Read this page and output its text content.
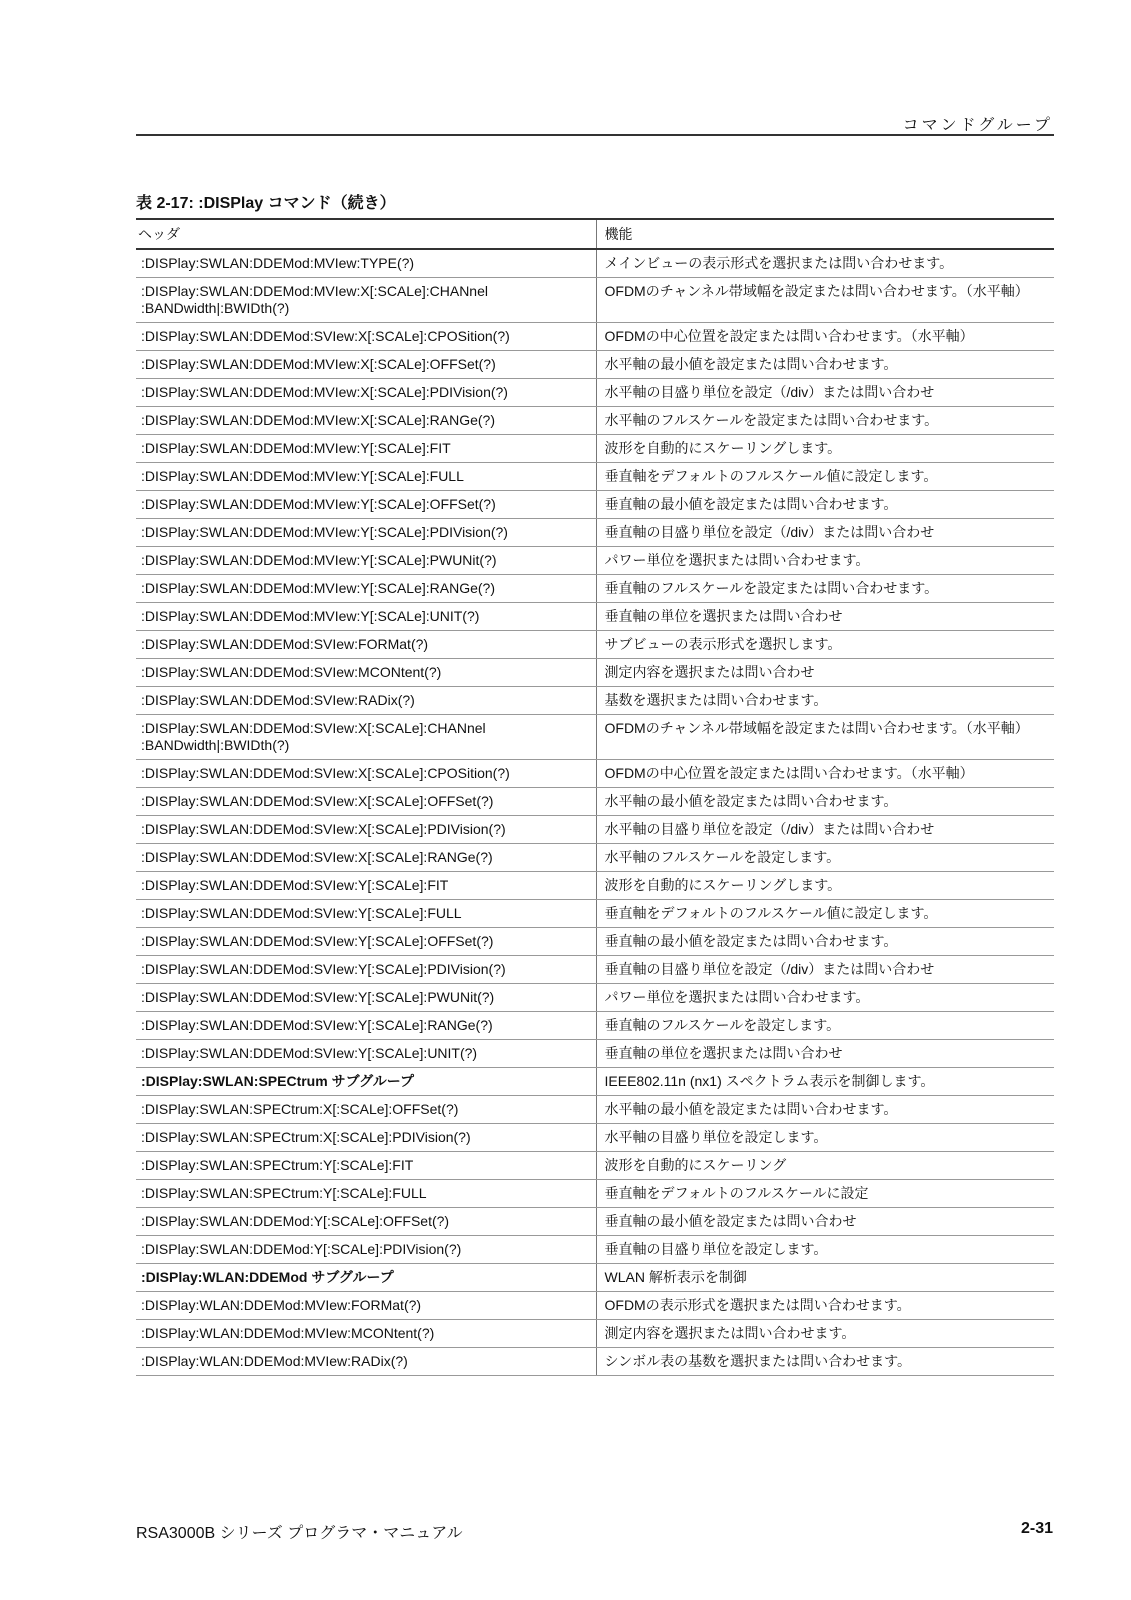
コマンドグループ
表 2-17: :DISPlay コマンド（続き）
ヘッダ	機能
:DISPlay:SWLAN:DDEMod:MVIew:TYPE(?)	メインビューの表示形式を選択または問い合わせます。
:DISPlay:SWLAN:DDEMod:MVIew:X[:SCALe]:CHANnel
:BANDwidth|:BWIDth(?)	OFDMのチャンネル帯域幅を設定または問い合わせます。（水平軸）
:DISPlay:SWLAN:DDEMod:SVIew:X[:SCALe]:CPOSition(?)	OFDMの中心位置を設定または問い合わせます。（水平軸）
:DISPlay:SWLAN:DDEMod:MVIew:X[:SCALe]:OFFSet(?)	水平軸の最小値を設定または問い合わせます。
:DISPlay:SWLAN:DDEMod:MVIew:X[:SCALe]:PDIVision(?)	水平軸の目盛り単位を設定（/div）または問い合わせ
:DISPlay:SWLAN:DDEMod:MVIew:X[:SCALe]:RANGe(?)	水平軸のフルスケールを設定または問い合わせます。
:DISPlay:SWLAN:DDEMod:MVIew:Y[:SCALe]:FIT	波形を自動的にスケーリングします。
:DISPlay:SWLAN:DDEMod:MVIew:Y[:SCALe]:FULL	垂直軸をデフォルトのフルスケール値に設定します。
:DISPlay:SWLAN:DDEMod:MVIew:Y[:SCALe]:OFFSet(?)	垂直軸の最小値を設定または問い合わせます。
:DISPlay:SWLAN:DDEMod:MVIew:Y[:SCALe]:PDIVision(?)	垂直軸の目盛り単位を設定（/div）または問い合わせ
:DISPlay:SWLAN:DDEMod:MVIew:Y[:SCALe]:PWUNit(?)	パワー単位を選択または問い合わせます。
:DISPlay:SWLAN:DDEMod:MVIew:Y[:SCALe]:RANGe(?)	垂直軸のフルスケールを設定または問い合わせます。
:DISPlay:SWLAN:DDEMod:MVIew:Y[:SCALe]:UNIT(?)	垂直軸の単位を選択または問い合わせ
:DISPlay:SWLAN:DDEMod:SVIew:FORMat(?)	サブビューの表示形式を選択します。
:DISPlay:SWLAN:DDEMod:SVIew:MCONtent(?)	測定内容を選択または問い合わせ
:DISPlay:SWLAN:DDEMod:SVIew:RADix(?)	基数を選択または問い合わせます。
:DISPlay:SWLAN:DDEMod:SVIew:X[:SCALe]:CHANnel
:BANDwidth|:BWIDth(?)	OFDMのチャンネル帯域幅を設定または問い合わせます。（水平軸）
:DISPlay:SWLAN:DDEMod:SVIew:X[:SCALe]:CPOSition(?)	OFDMの中心位置を設定または問い合わせます。（水平軸）
:DISPlay:SWLAN:DDEMod:SVIew:X[:SCALe]:OFFSet(?)	水平軸の最小値を設定または問い合わせます。
:DISPlay:SWLAN:DDEMod:SVIew:X[:SCALe]:PDIVision(?)	水平軸の目盛り単位を設定（/div）または問い合わせ
:DISPlay:SWLAN:DDEMod:SVIew:X[:SCALe]:RANGe(?)	水平軸のフルスケールを設定します。
:DISPlay:SWLAN:DDEMod:SVIew:Y[:SCALe]:FIT	波形を自動的にスケーリングします。
:DISPlay:SWLAN:DDEMod:SVIew:Y[:SCALe]:FULL	垂直軸をデフォルトのフルスケール値に設定します。
:DISPlay:SWLAN:DDEMod:SVIew:Y[:SCALe]:OFFSet(?)	垂直軸の最小値を設定または問い合わせます。
:DISPlay:SWLAN:DDEMod:SVIew:Y[:SCALe]:PDIVision(?)	垂直軸の目盛り単位を設定（/div）または問い合わせ
:DISPlay:SWLAN:DDEMod:SVIew:Y[:SCALe]:PWUNit(?)	パワー単位を選択または問い合わせます。
:DISPlay:SWLAN:DDEMod:SVIew:Y[:SCALe]:RANGe(?)	垂直軸のフルスケールを設定します。
:DISPlay:SWLAN:DDEMod:SVIew:Y[:SCALe]:UNIT(?)	垂直軸の単位を選択または問い合わせ
:DISPlay:SWLAN:SPECtrum サブグループ	IEEE802.11n (nx1) スペクトラム表示を制御します。
:DISPlay:SWLAN:SPECtrum:X[:SCALe]:OFFSet(?)	水平軸の最小値を設定または問い合わせます。
:DISPlay:SWLAN:SPECtrum:X[:SCALe]:PDIVision(?)	水平軸の目盛り単位を設定します。
:DISPlay:SWLAN:SPECtrum:Y[:SCALe]:FIT	波形を自動的にスケーリング
:DISPlay:SWLAN:SPECtrum:Y[:SCALe]:FULL	垂直軸をデフォルトのフルスケールに設定
:DISPlay:SWLAN:DDEMod:Y[:SCALe]:OFFSet(?)	垂直軸の最小値を設定または問い合わせ
:DISPlay:SWLAN:DDEMod:Y[:SCALe]:PDIVision(?)	垂直軸の目盛り単位を設定します。
:DISPlay:WLAN:DDEMod サブグループ	WLAN 解析表示を制御
:DISPlay:WLAN:DDEMod:MVIew:FORMat(?)	OFDMの表示形式を選択または問い合わせます。
:DISPlay:WLAN:DDEMod:MVIew:MCONtent(?)	測定内容を選択または問い合わせます。
:DISPlay:WLAN:DDEMod:MVIew:RADix(?)	シンボル表の基数を選択または問い合わせます。
RSA3000B シリーズ プログラマ・マニュアル	2-31
